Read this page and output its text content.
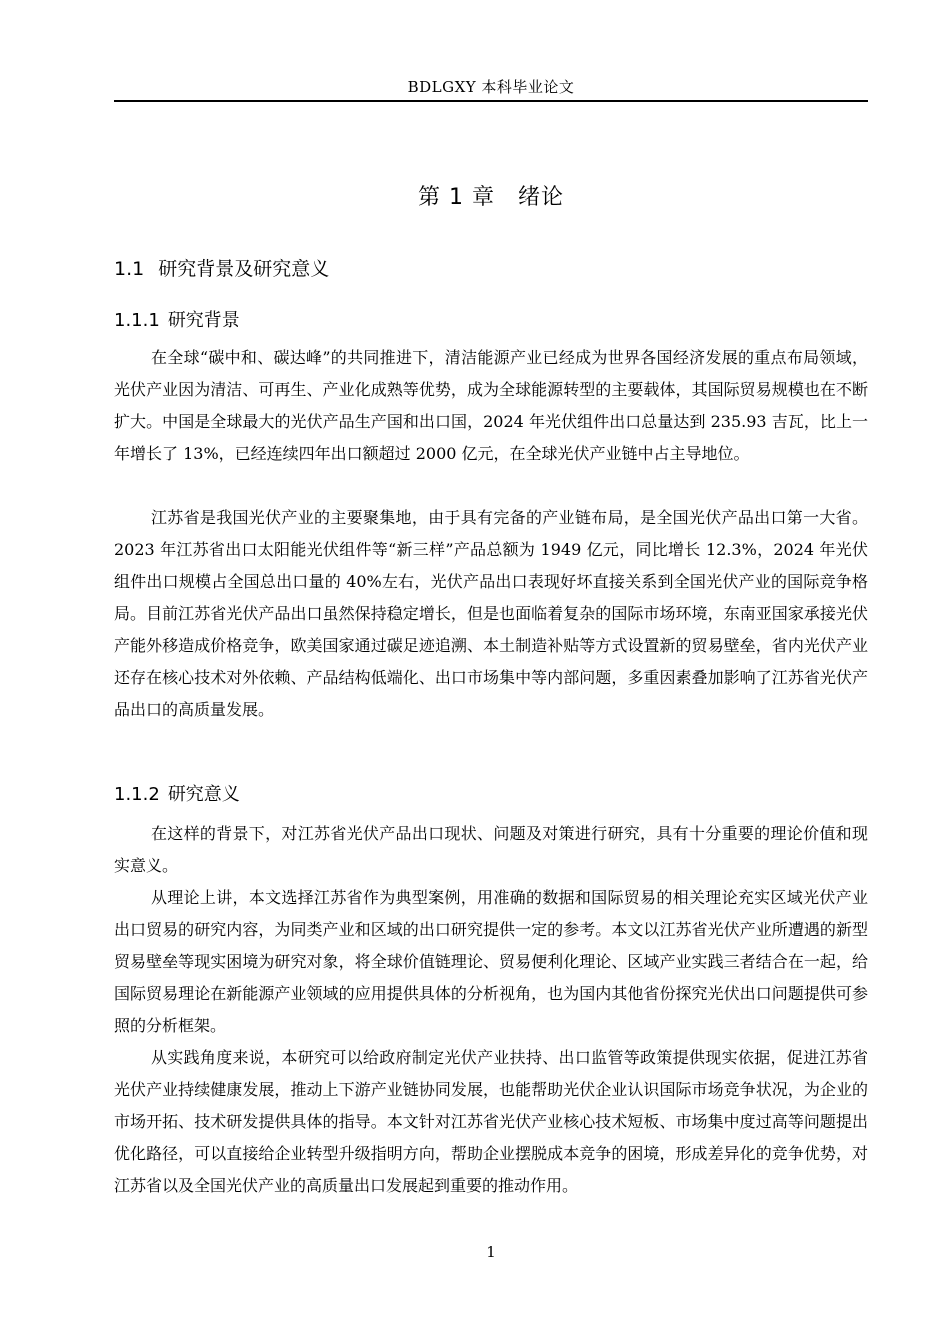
BDLGXY 本科毕业论文
第 1 章　绪论
1.1 研究背景及研究意义
1.1.1 研究背景

在全球“碳中和、碳达峰”的共同推进下，清洁能源产业已经成为世界各国经济发展的重点布局领域，光伏产业因为清洁、可再生、产业化成熟等优势，成为全球能源转型的主要载体，其国际贸易规模也在不断扩大。中国是全球最大的光伏产品生产国和出口国，2024 年光伏组件出口总量达到 235.93 吉瓦，比上一年增长了 13%，已经连续四年出口额超过 2000 亿元，在全球光伏产业链中占主导地位。

江苏省是我国光伏产业的主要聚集地，由于具有完备的产业链布局，是全国光伏产品出口第一大省。2023 年江苏省出口太阳能光伏组件等“新三样”产品总额为 1949 亿元，同比增长 12.3%，2024 年光伏组件出口规模占全国总出口量的 40%左右，光伏产品出口表现好坏直接关系到全国光伏产业的国际竞争格局。目前江苏省光伏产品出口虽然保持稳定增长，但是也面临着复杂的国际市场环境，东南亚国家承接光伏产能外移造成价格竞争，欧美国家通过碳足迹追溯、本土制造补贴等方式设置新的贸易壁垒，省内光伏产业还存在核心技术对外依赖、产品结构低端化、出口市场集中等内部问题，多重因素叠加影响了江苏省光伏产品出口的高质量发展。

1.1.2 研究意义

在这样的背景下，对江苏省光伏产品出口现状、问题及对策进行研究，具有十分重要的理论价值和现实意义。

从理论上讲，本文选择江苏省作为典型案例，用准确的数据和国际贸易的相关理论充实区域光伏产业出口贸易的研究内容，为同类产业和区域的出口研究提供一定的参考。本文以江苏省光伏产业所遭遇的新型贸易壁垒等现实困境为研究对象，将全球价值链理论、贸易便利化理论、区域产业实践三者结合在一起，给国际贸易理论在新能源产业领域的应用提供具体的分析视角，也为国内其他省份探究光伏出口问题提供可参照的分析框架。

从实践角度来说，本研究可以给政府制定光伏产业扶持、出口监管等政策提供现实依据，促进江苏省光伏产业持续健康发展，推动上下游产业链协同发展，也能帮助光伏企业认识国际市场竞争状况，为企业的市场开拓、技术研发提供具体的指导。本文针对江苏省光伏产业核心技术短板、市场集中度过高等问题提出优化路径，可以直接给企业转型升级指明方向，帮助企业摆脱成本竞争的困境，形成差异化的竞争优势，对江苏省以及全国光伏产业的高质量出口发展起到重要的推动作用。

1
